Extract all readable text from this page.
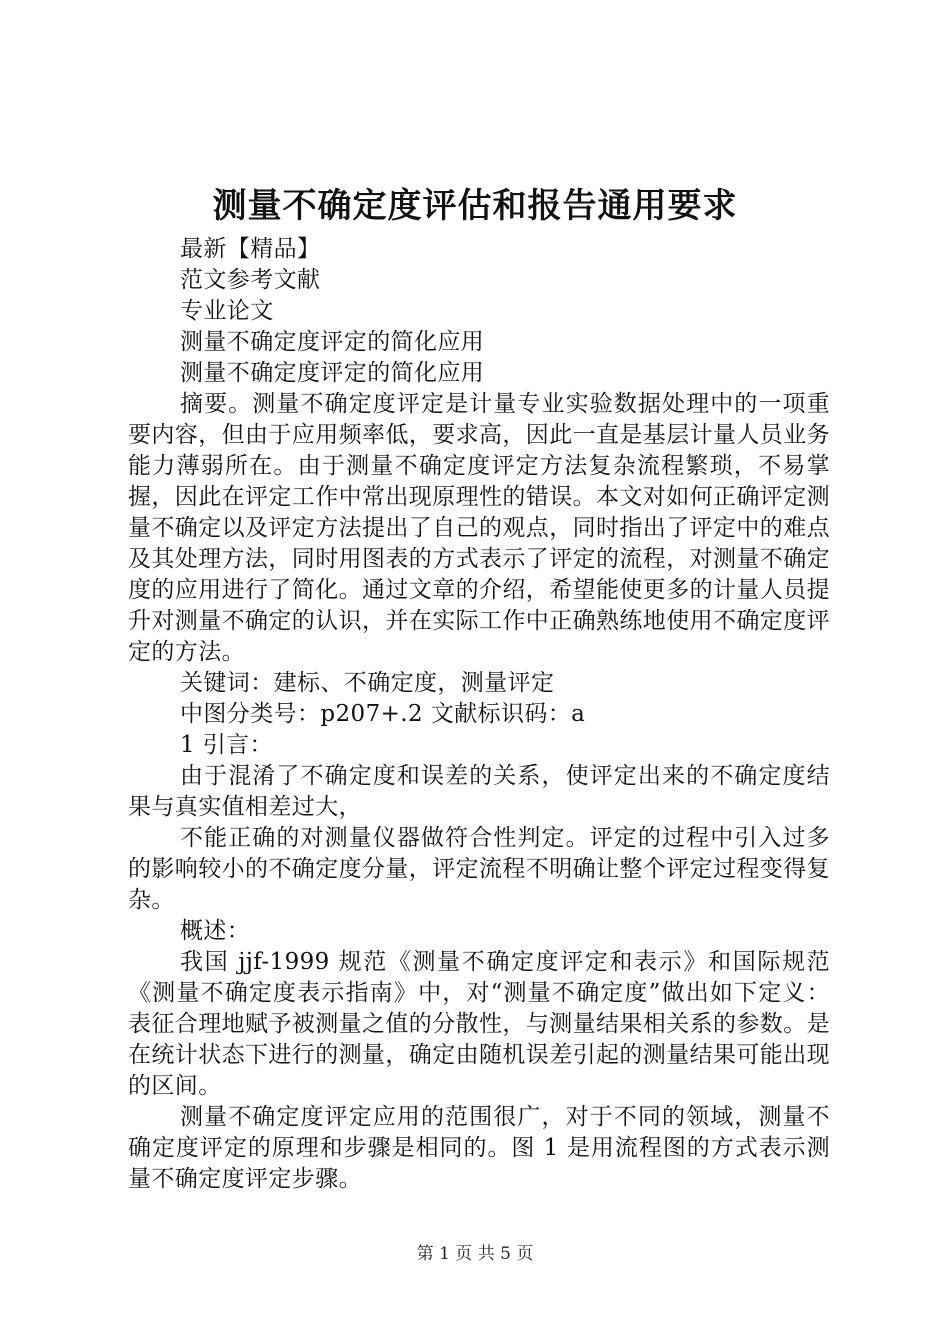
测量不确定度评估和报告通用要求

最新【精品】

范文参考文献

专业论文

测量不确定度评定的简化应用

测量不确定度评定的简化应用

摘要。测量不确定度评定是计量专业实验数据处理中的一项重要内容，但由于应用频率低，要求高，因此一直是基层计量人员业务能力薄弱所在。由于测量不确定度评定方法复杂流程繁琐，不易掌握，因此在评定工作中常出现原理性的错误。本文对如何正确评定测量不确定以及评定方法提出了自己的观点，同时指出了评定中的难点及其处理方法，同时用图表的方式表示了评定的流程，对测量不确定度的应用进行了简化。通过文章的介绍，希望能使更多的计量人员提升对测量不确定的认识，并在实际工作中正确熟练地使用不确定度评定的方法。

关键词：建标、不确定度，测量评定

中图分类号：p207+.2 文献标识码：a

1 引言：

由于混淆了不确定度和误差的关系，使评定出来的不确定度结果与真实值相差过大，

不能正确的对测量仪器做符合性判定。评定的过程中引入过多的影响较小的不确定度分量，评定流程不明确让整个评定过程变得复杂。

概述：

我国 jjf-1999 规范《测量不确定度评定和表示》和国际规范《测量不确定度表示指南》中，对“测量不确定度”做出如下定义：表征合理地赋予被测量之值的分散性，与测量结果相关系的参数。是在统计状态下进行的测量，确定由随机误差引起的测量结果可能出现的区间。

测量不确定度评定应用的范围很广，对于不同的领域，测量不确定度评定的原理和步骤是相同的。图 1 是用流程图的方式表示测量不确定度评定步骤。

第 1 页 共 5 页
